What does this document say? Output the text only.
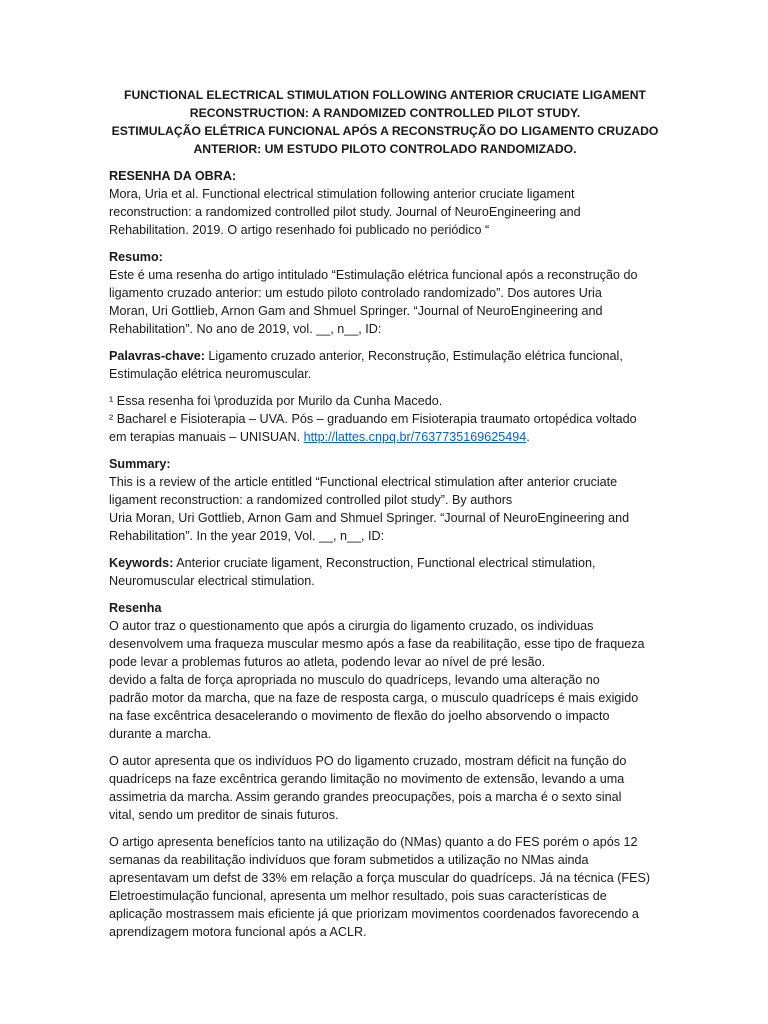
FUNCTIONAL ELECTRICAL STIMULATION FOLLOWING ANTERIOR CRUCIATE LIGAMENT
RECONSTRUCTION: A RANDOMIZED CONTROLLED PILOT STUDY.
ESTIMULAÇÃO ELÉTRICA FUNCIONAL APÓS A RECONSTRUÇÃO DO LIGAMENTO CRUZADO
ANTERIOR: UM ESTUDO PILOTO CONTROLADO RANDOMIZADO.
RESENHA DA OBRA:
Mora, Uria et al. Functional electrical stimulation following anterior cruciate ligament
reconstruction: a randomized controlled pilot study. Journal of NeuroEngineering and
Rehabilitation. 2019. O artigo resenhado foi publicado no periódico “
Resumo:
Este é uma resenha do artigo intitulado “Estimulação elétrica funcional após a reconstrução do
ligamento cruzado anterior: um estudo piloto controlado randomizado”. Dos autores Uria
Moran, Uri Gottlieb, Arnon Gam and Shmuel Springer. “Journal of NeuroEngineering and
Rehabilitation”. No ano de 2019, vol. __, n__, ID:
Palavras-chave: Ligamento cruzado anterior, Reconstrução, Estimulação elétrica funcional,
Estimulação elétrica neuromuscular.
¹ Essa resenha foi \produzida por Murilo da Cunha Macedo.
² Bacharel e Fisioterapia – UVA. Pós – graduando em Fisioterapia traumato ortopédica voltado
em terapias manuais – UNISUAN. http://lattes.cnpq.br/7637735169625494.
Summary:
This is a review of the article entitled “Functional electrical stimulation after anterior cruciate
ligament reconstruction: a randomized controlled pilot study”. By authors
Uria Moran, Uri Gottlieb, Arnon Gam and Shmuel Springer. “Journal of NeuroEngineering and
Rehabilitation”. In the year 2019, Vol. __, n__, ID:
Keywords: Anterior cruciate ligament, Reconstruction, Functional electrical stimulation,
Neuromuscular electrical stimulation.
Resenha
O autor traz o questionamento que após a cirurgia do ligamento cruzado, os individuas
desenvolvem uma fraqueza muscular mesmo após a fase da reabilitação, esse tipo de fraqueza
pode levar a problemas futuros ao atleta, podendo levar ao nível de pré lesão.
devido a falta de força apropriada no musculo do quadríceps, levando uma alteração no
padrão motor da marcha, que na faze de resposta carga, o musculo quadríceps é mais exigido
na fase excêntrica desacelerando o movimento de flexão do joelho absorvendo o impacto
durante a marcha.
O autor apresenta que os indivíduos PO do ligamento cruzado, mostram déficit na função do
quadríceps na faze excêntrica gerando limitação no movimento de extensão, levando a uma
assimetria da marcha. Assim gerando grandes preocupações, pois a marcha é o sexto sinal
vital, sendo um preditor de sinais futuros.
O artigo apresenta benefícios tanto na utilização do (NMas) quanto a do FES porém o após 12
semanas da reabilitação indivíduos que foram submetidos a utilização no NMas ainda
apresentavam um defst de 33% em relação a força muscular do quadríceps. Já na técnica (FES)
Eletroestimulação funcional, apresenta um melhor resultado, pois suas características de
aplicação mostrassem mais eficiente já que priorizam movimentos coordenados favorecendo a
aprendizagem motora funcional após a ACLR.
